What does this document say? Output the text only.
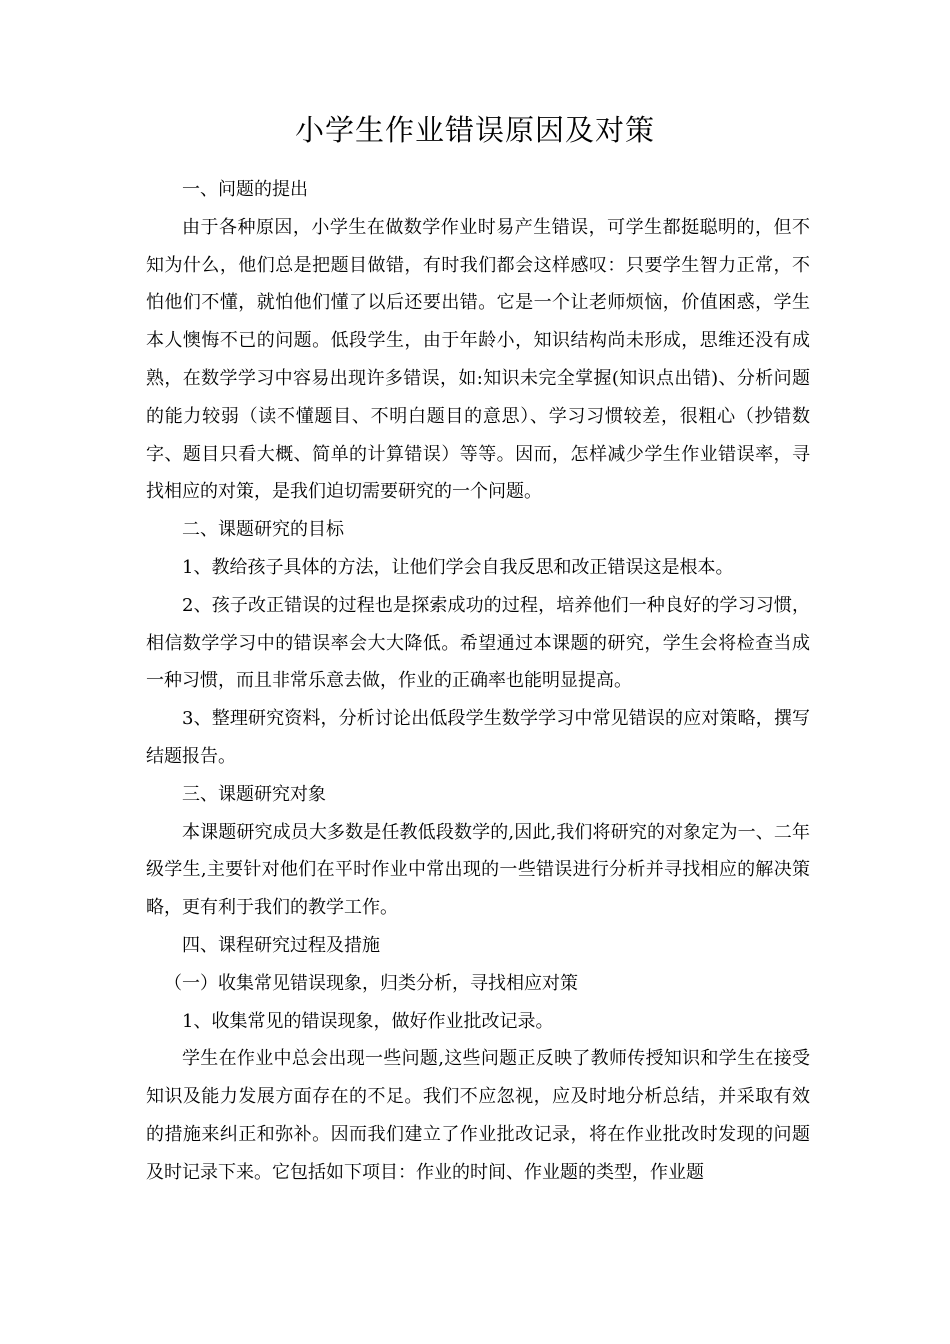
小学生作业错误原因及对策

一、问题的提出

由于各种原因，小学生在做数学作业时易产生错误，可学生都挺聪明的，但不知为什么，他们总是把题目做错，有时我们都会这样感叹：只要学生智力正常，不怕他们不懂，就怕他们懂了以后还要出错。它是一个让老师烦恼，价值困惑，学生本人懊悔不已的问题。低段学生，由于年龄小，知识结构尚未形成，思维还没有成熟，在数学学习中容易出现许多错误，如:知识未完全掌握(知识点出错)、分析问题的能力较弱（读不懂题目、不明白题目的意思）、学习习惯较差，很粗心（抄错数字、题目只看大概、简单的计算错误）等等。因而，怎样减少学生作业错误率，寻找相应的对策，是我们迫切需要研究的一个问题。

二、课题研究的目标

1、教给孩子具体的方法，让他们学会自我反思和改正错误这是根本。

2、孩子改正错误的过程也是探索成功的过程，培养他们一种良好的学习习惯，相信数学学习中的错误率会大大降低。希望通过本课题的研究，学生会将检查当成一种习惯，而且非常乐意去做，作业的正确率也能明显提高。

3、整理研究资料，分析讨论出低段学生数学学习中常见错误的应对策略，撰写结题报告。

三、课题研究对象

本课题研究成员大多数是任教低段数学的,因此,我们将研究的对象定为一、二年级学生,主要针对他们在平时作业中常出现的一些错误进行分析并寻找相应的解决策略，更有利于我们的教学工作。

四、课程研究过程及措施

（一）收集常见错误现象，归类分析，寻找相应对策

1、收集常见的错误现象，做好作业批改记录。

学生在作业中总会出现一些问题,这些问题正反映了教师传授知识和学生在接受知识及能力发展方面存在的不足。我们不应忽视，应及时地分析总结，并采取有效的措施来纠正和弥补。因而我们建立了作业批改记录，将在作业批改时发现的问题及时记录下来。它包括如下项目：作业的时间、作业题的类型，作业题
